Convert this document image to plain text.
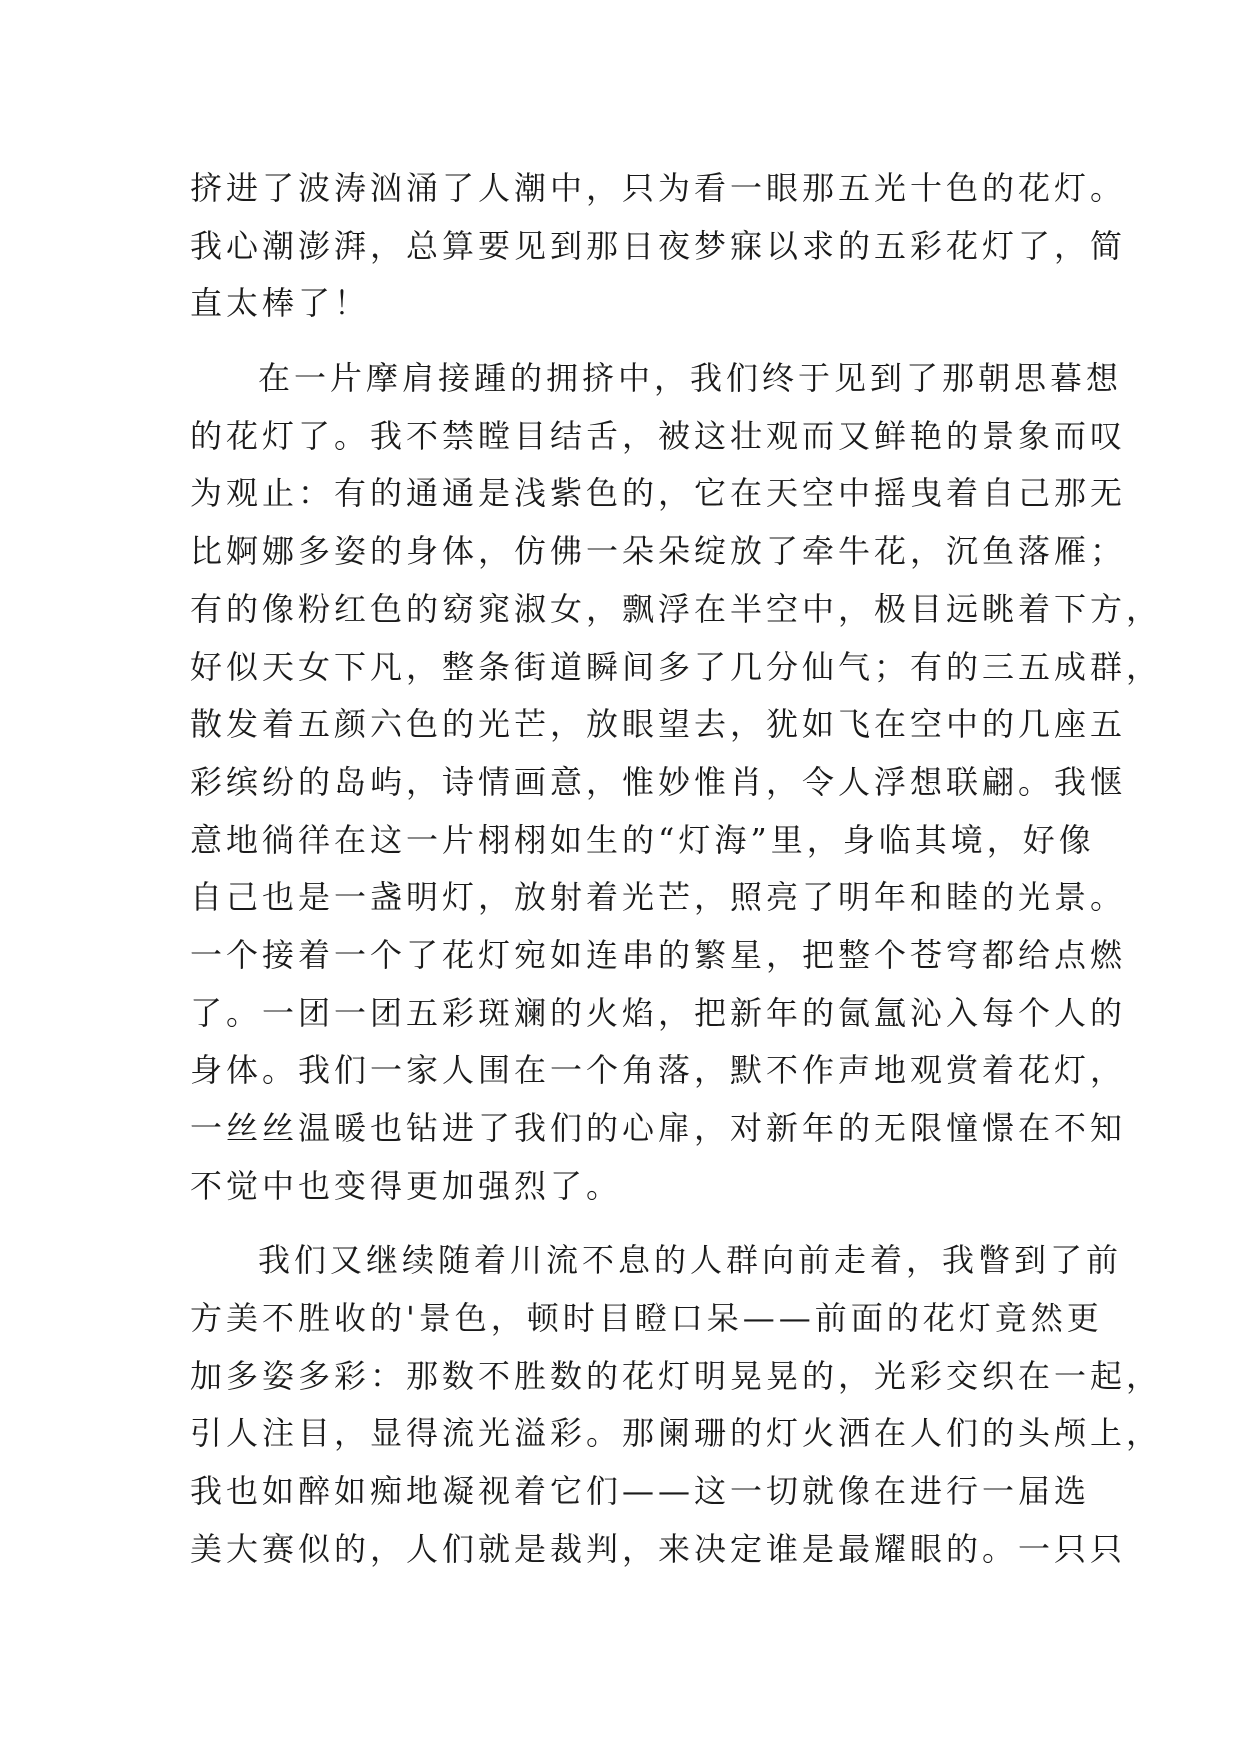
挤进了波涛汹涌了人潮中，只为看一眼那五光十色的花灯。
我心潮澎湃，总算要见到那日夜梦寐以求的五彩花灯了，简
直太棒了！
在一片摩肩接踵的拥挤中，我们终于见到了那朝思暮想
的花灯了。我不禁瞠目结舌，被这壮观而又鲜艳的景象而叹
为观止：有的通通是浅紫色的，它在天空中摇曳着自己那无
比婀娜多姿的身体，仿佛一朵朵绽放了牵牛花，沉鱼落雁；
有的像粉红色的窈窕淑女，飘浮在半空中，极目远眺着下方，
好似天女下凡，整条街道瞬间多了几分仙气；有的三五成群，
散发着五颜六色的光芒，放眼望去，犹如飞在空中的几座五
彩缤纷的岛屿，诗情画意，惟妙惟肖，令人浮想联翩。我惬
意地徜徉在这一片栩栩如生的“灯海”里，身临其境，好像
自己也是一盏明灯，放射着光芒，照亮了明年和睦的光景。
一个接着一个了花灯宛如连串的繁星，把整个苍穹都给点燃
了。一团一团五彩斑斓的火焰，把新年的氤氲沁入每个人的
身体。我们一家人围在一个角落，默不作声地观赏着花灯，
一丝丝温暖也钻进了我们的心扉，对新年的无限憧憬在不知
不觉中也变得更加强烈了。
我们又继续随着川流不息的人群向前走着，我瞥到了前
方美不胜收的'景色，顿时目瞪口呆——前面的花灯竟然更
加多姿多彩：那数不胜数的花灯明晃晃的，光彩交织在一起，
引人注目，显得流光溢彩。那阑珊的灯火洒在人们的头颅上，
我也如醉如痴地凝视着它们——这一切就像在进行一届选
美大赛似的，人们就是裁判，来决定谁是最耀眼的。一只只
